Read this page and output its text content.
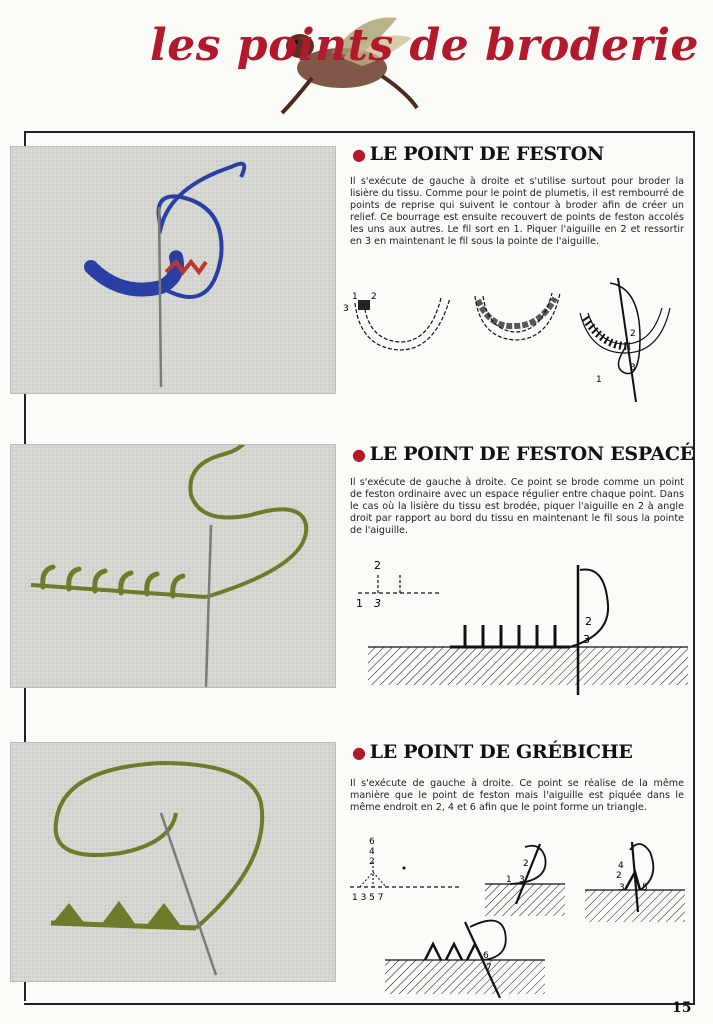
les points de broderie
● LE POINT DE FESTON

Il s'exécute de gauche à droite et s'utilise surtout pour broder la lisière du tissu. Comme pour le point de plumetis, il est rembourré de points de reprise qui suivent le contour à broder afin de créer un relief. Ce bourrage est ensuite recouvert de points de feston accolés les uns aux autres. Le fil sort en 1. Piquer l'aiguille en 2 et ressortir en 3 en maintenant le fil sous la pointe de l'aiguille.

3
1 2
2
3
1
● LE POINT DE FESTON ESPACÉ

Il s'exécute de gauche à droite. Ce point se brode comme un point de feston ordinaire avec un espace régulier entre chaque point. Dans le cas où la lisière du tissu est brodée, piquer l'aiguille en 2 à angle droit par rapport au bord du tissu en maintenant le fil sous la pointe de l'aiguille.

2
1 3
2
3
● LE POINT DE GRÉBICHE

Il s'exécute de gauche à droite. Ce point se réalise de la même manière que le point de feston mais l'aiguille est piquée dans le même endroit en 2, 4 et 6 afin que le point forme un triangle.

6
4
2
1 3 5 7
2
1 3
4
2
3 5
6
7
15
